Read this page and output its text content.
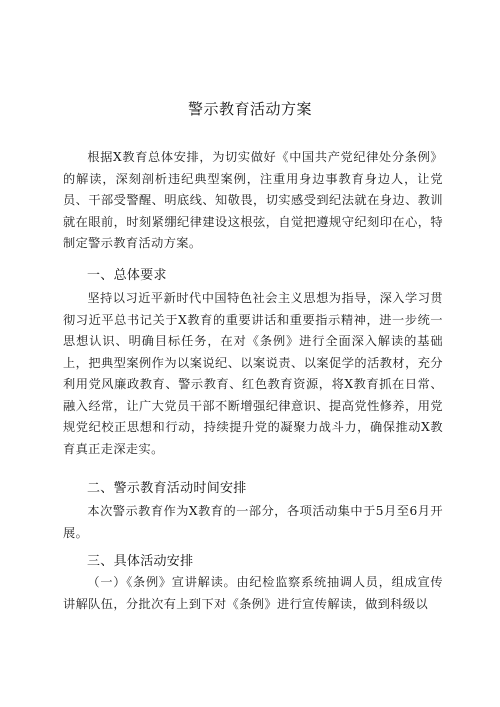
警示教育活动方案

根据X教育总体安排，为切实做好《中国共产党纪律处分条例》的解读，深刻剖析违纪典型案例，注重用身边事教育身边人，让党员、干部受警醒、明底线、知敬畏，切实感受到纪法就在身边、教训就在眼前，时刻紧绷纪律建设这根弦，自觉把遵规守纪刻印在心，特制定警示教育活动方案。

一、总体要求

坚持以习近平新时代中国特色社会主义思想为指导，深入学习贯彻习近平总书记关于X教育的重要讲话和重要指示精神，进一步统一思想认识、明确目标任务，在对《条例》进行全面深入解读的基础上，把典型案例作为以案说纪、以案说责、以案促学的活教材，充分利用党风廉政教育、警示教育、红色教育资源，将X教育抓在日常、融入经常，让广大党员干部不断增强纪律意识、提高党性修养，用党规党纪校正思想和行动，持续提升党的凝聚力战斗力，确保推动X教育真正走深走实。

二、警示教育活动时间安排

本次警示教育作为X教育的一部分，各项活动集中于5月至6月开展。

三、具体活动安排

（一）《条例》宣讲解读。由纪检监察系统抽调人员，组成宣传讲解队伍，分批次有上到下对《条例》进行宣传解读，做到科级以
